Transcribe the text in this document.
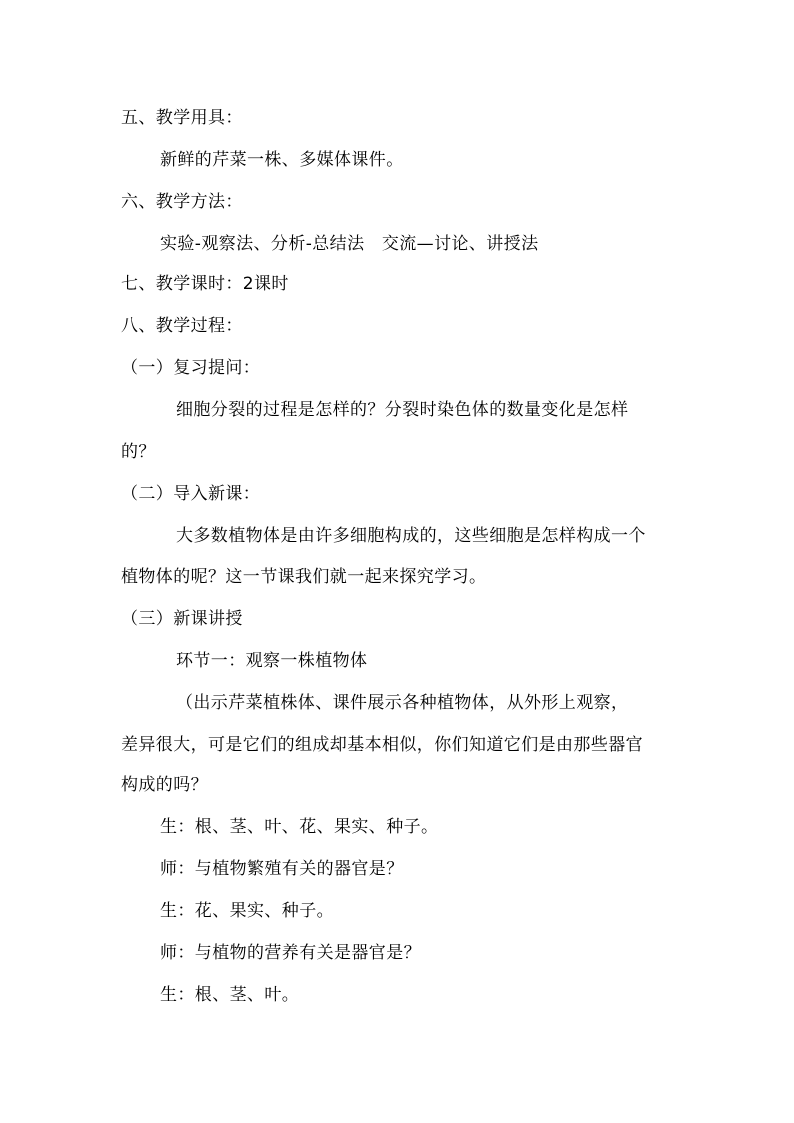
五、教学用具：
新鲜的芹菜一株、多媒体课件。
六、教学方法：
实验-观察法、分析-总结法　交流—讨论、讲授法
七、教学课时：2课时
八、教学过程：
（一）复习提问：
细胞分裂的过程是怎样的？分裂时染色体的数量变化是怎样
的？
（二）导入新课：
大多数植物体是由许多细胞构成的，这些细胞是怎样构成一个
植物体的呢？这一节课我们就一起来探究学习。
（三）新课讲授
环节一：观察一株植物体
（出示芹菜植株体、课件展示各种植物体，从外形上观察，
差异很大，可是它们的组成却基本相似，你们知道它们是由那些器官
构成的吗？
生：根、茎、叶、花、果实、种子。
师：与植物繁殖有关的器官是？
生：花、果实、种子。
师：与植物的营养有关是器官是？
生：根、茎、叶。
